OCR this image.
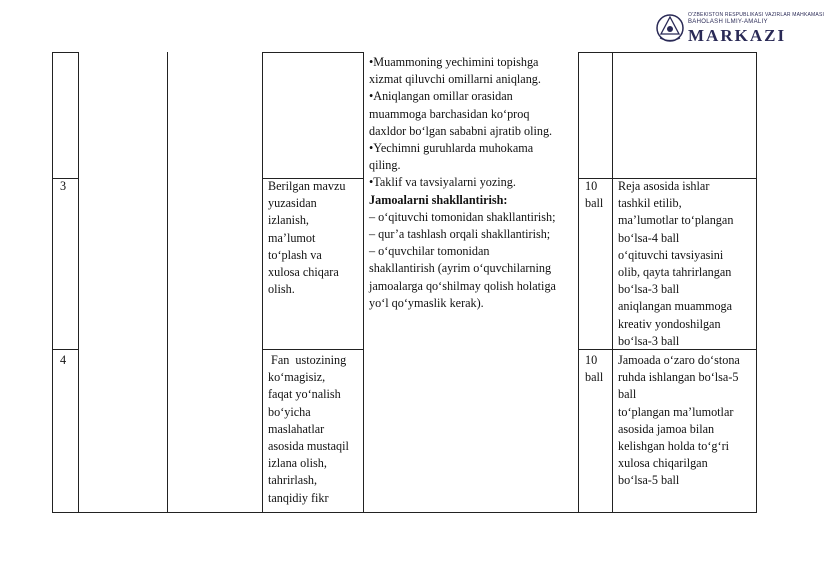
O'ZBEKISTON RESPUBLIKASI VAZIRLAR MAHKAMASI
BAHOLASH ILMIY-AMALIY
MARKAZI
•Muammoning yechimini topishga
xizmat qiluvchi omillarni aniqlang.
•Aniqlangan omillar orasidan
muammoga barchasidan ko‘proq
daxldor bo‘lgan sababni ajratib oling.
•Yechimni guruhlarda muhokama
qiling.
•Taklif va tavsiyalarni yozing.
Jamoalarni shakllantirish:
– o‘qituvchi tomonidan shakllantirish;
– qur’a tashlash orqali shakllantirish;
– o‘quvchilar tomonidan
shakllantirish (ayrim o‘quvchilarning
jamoalarga qo‘shilmay qolish holatiga
yo‘l qo‘ymaslik kerak).
3	Berilgan mavzu
yuzasidan
izlanish,
ma’lumot
to‘plash va
xulosa chiqara
olish.
10
ball
Reja asosida ishlar
tashkil etilib,
ma’lumotlar to‘plangan
bo‘lsa-4 ball
o‘qituvchi tavsiyasini
olib, qayta tahrirlangan
bo‘lsa-3 ball
aniqlangan muammoga
kreativ yondoshilgan
bo‘lsa-3 ball
4	Fan  ustozining
ko‘magisiz,
faqat yo‘nalish
bo‘yicha
maslahatlar
asosida mustaqil
izlana olish,
tahrirlash,
tanqidiy fikr
10
ball
Jamoada o‘zaro do‘stona
ruhda ishlangan bo‘lsa-5
ball
to‘plangan ma’lumotlar
asosida jamoa bilan
kelishgan holda to‘g‘ri
xulosa chiqarilgan
bo‘lsa-5 ball
